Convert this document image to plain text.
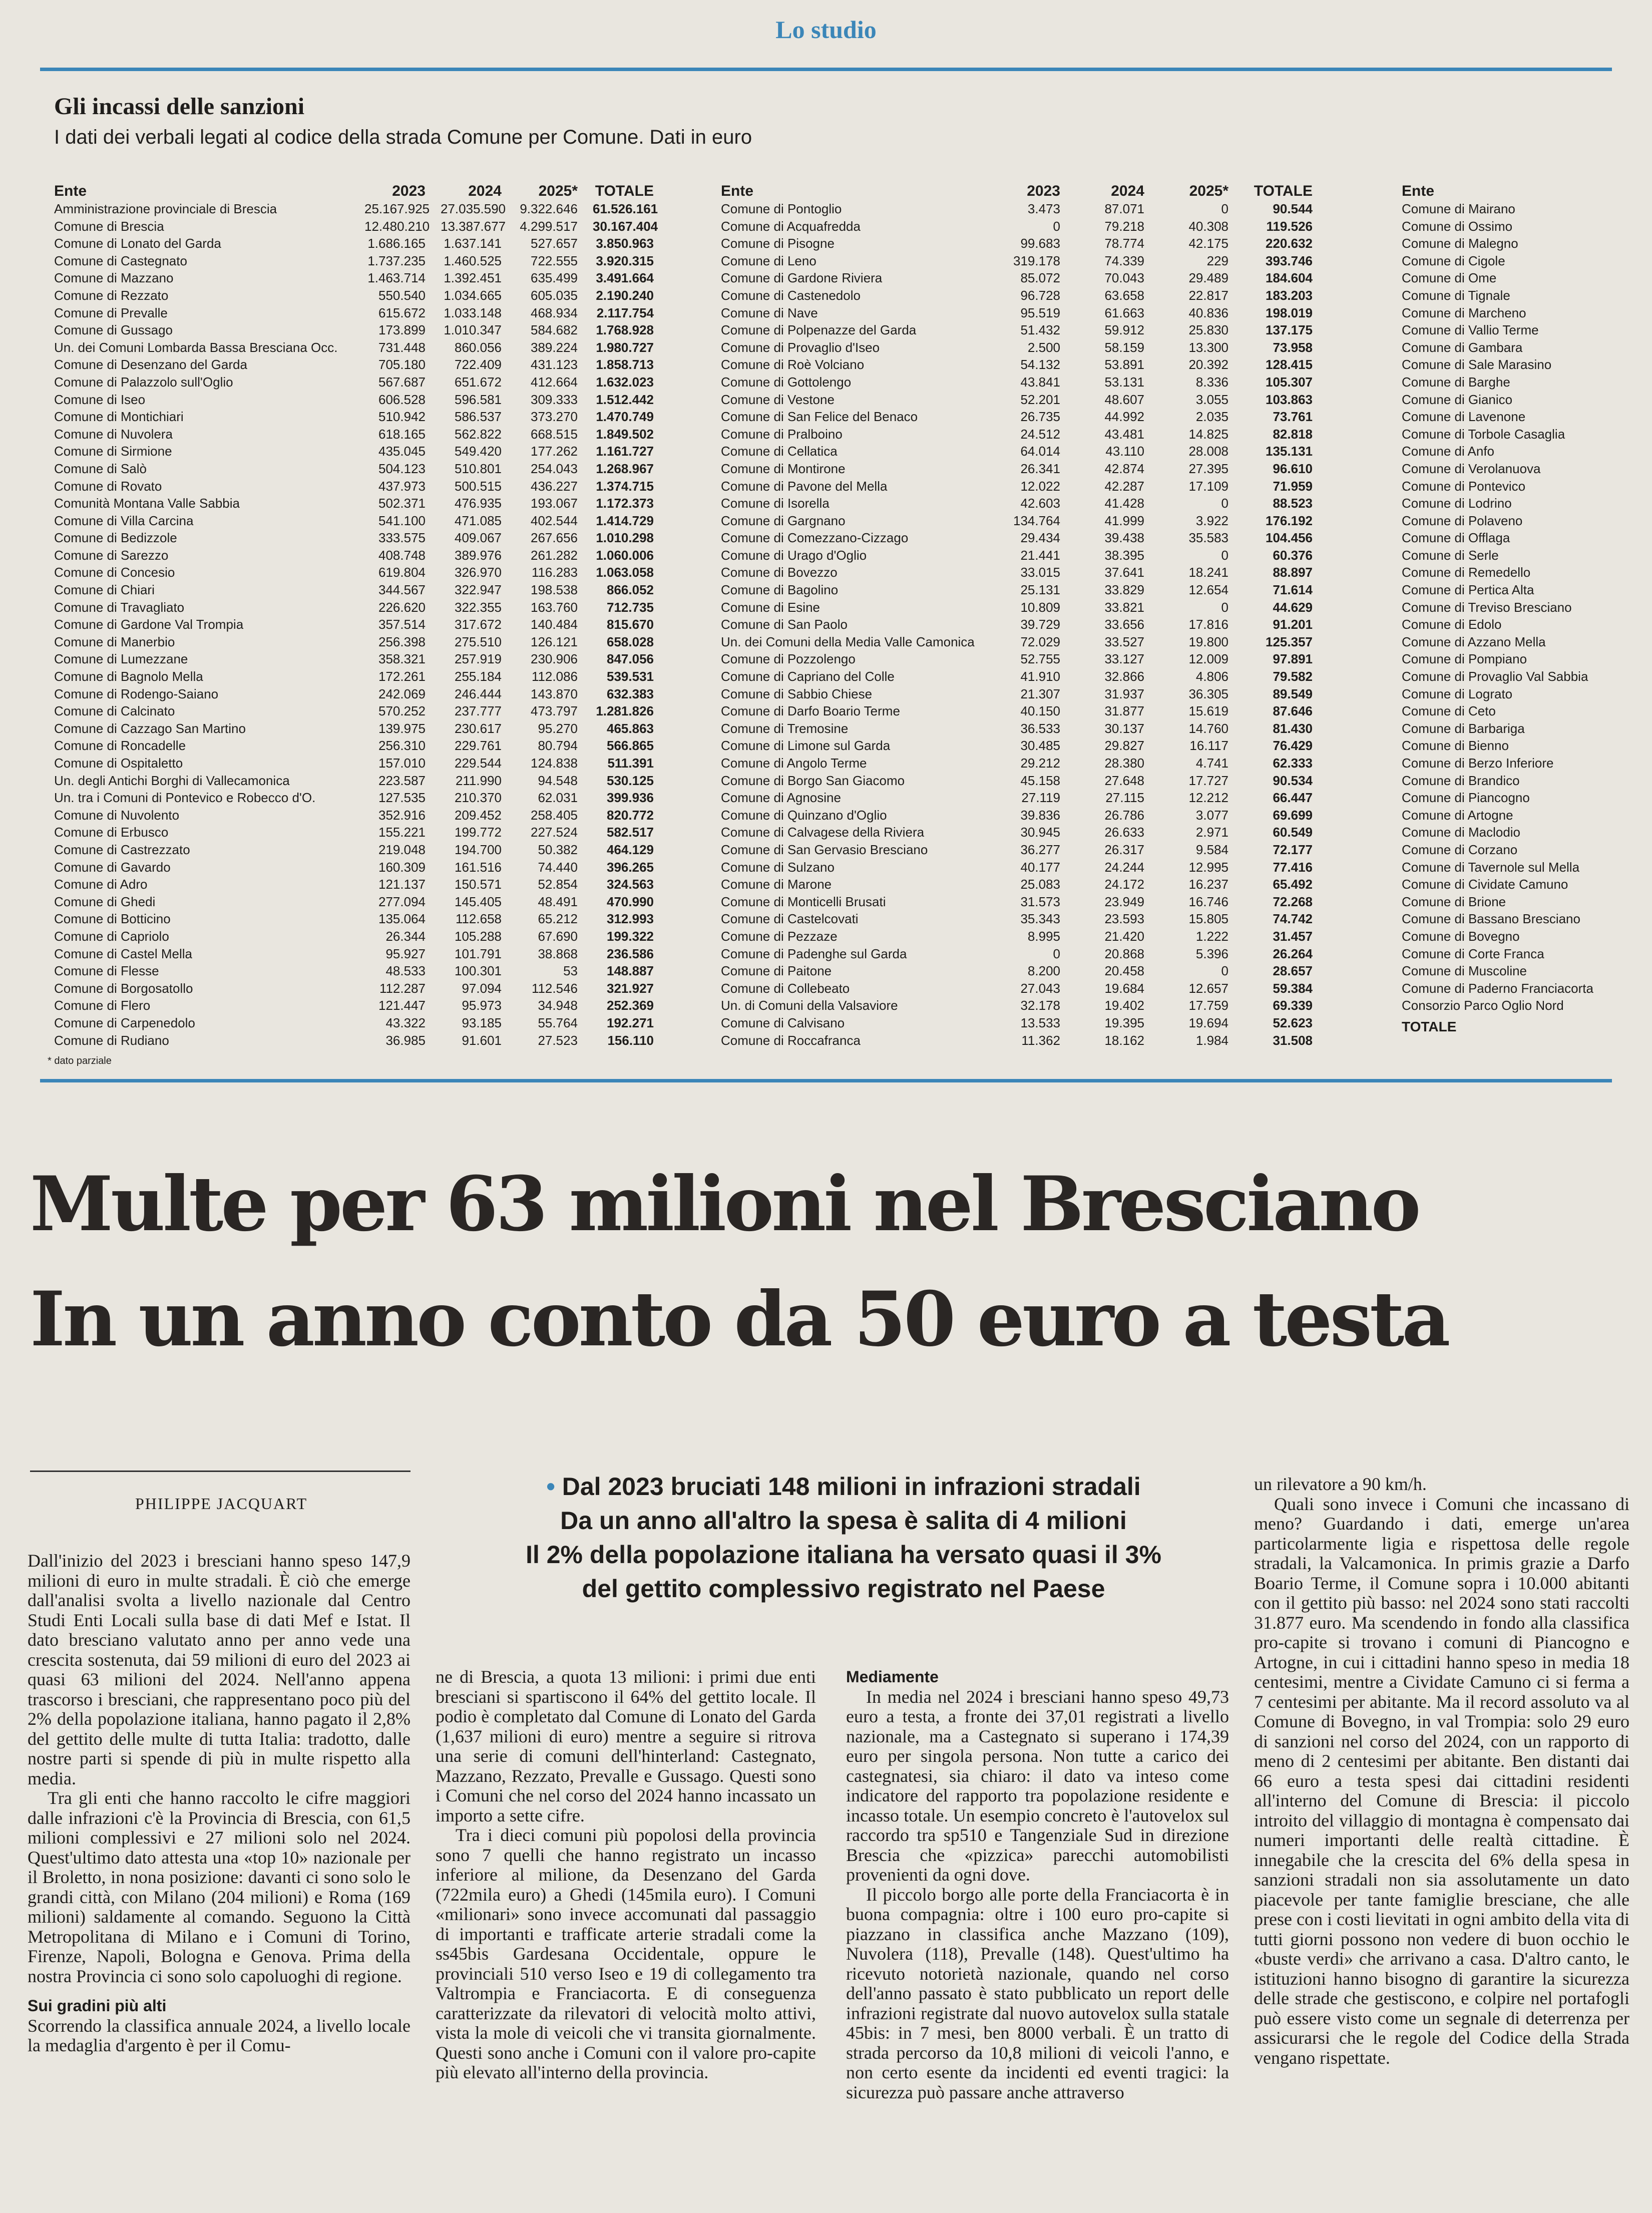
Lo studio
Gli incassi delle sanzioni
I dati dei verbali legati al codice della strada Comune per Comune. Dati in euro
Ente	2023	2024	2025* TOTALE
Amministrazione provinciale di Brescia	25.167.925 27.035.590 9.322.646 61.526.161
Comune di Brescia	12.480.210 13.387.677 4.299.517 30.167.404
Comune di Lonato del Garda	1.686.165 1.637.141	527.657 3.850.963
Comune di Castegnato	1.737.235 1.460.525	722.555 3.920.315
Comune di Mazzano	1.463.714 1.392.451	635.499 3.491.664
Comune di Rezzato	550.540 1.034.665	605.035 2.190.240
Comune di Prevalle	615.672 1.033.148	468.934 2.117.754
Comune di Gussago	173.899 1.010.347	584.682 1.768.928
Un. dei Comuni Lombarda Bassa Bresciana Occ.	731.448	860.056	389.224 1.980.727
Comune di Desenzano del Garda	705.180	722.409	431.123 1.858.713
Comune di Palazzolo sull'Oglio	567.687	651.672	412.664 1.632.023
Comune di Iseo	606.528	596.581	309.333 1.512.442
Comune di Montichiari	510.942	586.537	373.270 1.470.749
Comune di Nuvolera	618.165	562.822	668.515 1.849.502
Comune di Sirmione	435.045	549.420	177.262 1.161.727
Comune di Salò	504.123	510.801	254.043 1.268.967
Comune di Rovato	437.973	500.515	436.227 1.374.715
Comunità Montana Valle Sabbia	502.371	476.935	193.067 1.172.373
Comune di Villa Carcina	541.100	471.085	402.544 1.414.729
Comune di Bedizzole	333.575	409.067	267.656 1.010.298
Comune di Sarezzo	408.748	389.976	261.282 1.060.006
Comune di Concesio	619.804	326.970	116.283 1.063.058
Comune di Chiari	344.567	322.947	198.538	866.052
Comune di Travagliato	226.620	322.355	163.760	712.735
Comune di Gardone Val Trompia	357.514	317.672	140.484	815.670
Comune di Manerbio	256.398	275.510	126.121	658.028
Comune di Lumezzane	358.321	257.919	230.906	847.056
Comune di Bagnolo Mella	172.261	255.184	112.086	539.531
Comune di Rodengo-Saiano	242.069	246.444	143.870	632.383
Comune di Calcinato	570.252	237.777	473.797 1.281.826
Comune di Cazzago San Martino	139.975	230.617	95.270	465.863
Comune di Roncadelle	256.310	229.761	80.794	566.865
Comune di Ospitaletto	157.010	229.544	124.838	511.391
Un. degli Antichi Borghi di Vallecamonica	223.587	211.990	94.548	530.125
Un. tra i Comuni di Pontevico e Robecco d'O.	127.535	210.370	62.031	399.936
Comune di Nuvolento	352.916	209.452	258.405	820.772
Comune di Erbusco	155.221	199.772	227.524	582.517
Comune di Castrezzato	219.048	194.700	50.382	464.129
Comune di Gavardo	160.309	161.516	74.440	396.265
Comune di Adro	121.137	150.571	52.854	324.563
Comune di Ghedi	277.094	145.405	48.491	470.990
Comune di Botticino	135.064	112.658	65.212	312.993
Comune di Capriolo	26.344	105.288	67.690	199.322
Comune di Castel Mella	95.927	101.791	38.868	236.586
Comune di Flesse	48.533	100.301	53	148.887
Comune di Borgosatollo	112.287	97.094	112.546	321.927
Comune di Flero	121.447	95.973	34.948	252.369
Comune di Carpenedolo	43.322	93.185	55.764	192.271
Comune di Rudiano	36.985	91.601	27.523	156.110
Ente	2023	2024	2025*	TOTALE
Comune di Pontoglio	3.473	87.071	0	90.544
Comune di Acquafredda	0	79.218	40.308	119.526
Comune di Pisogne	99.683	78.774	42.175	220.632
Comune di Leno	319.178	74.339	229	393.746
Comune di Gardone Riviera	85.072	70.043	29.489	184.604
Comune di Castenedolo	96.728	63.658	22.817	183.203
Comune di Nave	95.519	61.663	40.836	198.019
Comune di Polpenazze del Garda	51.432	59.912	25.830	137.175
Comune di Provaglio d'Iseo	2.500	58.159	13.300	73.958
Comune di Roè Volciano	54.132	53.891	20.392	128.415
Comune di Gottolengo	43.841	53.131	8.336	105.307
Comune di Vestone	52.201	48.607	3.055	103.863
Comune di San Felice del Benaco	26.735	44.992	2.035	73.761
Comune di Pralboino	24.512	43.481	14.825	82.818
Comune di Cellatica	64.014	43.110	28.008	135.131
Comune di Montirone	26.341	42.874	27.395	96.610
Comune di Pavone del Mella	12.022	42.287	17.109	71.959
Comune di Isorella	42.603	41.428	0	88.523
Comune di Gargnano	134.764	41.999	3.922	176.192
Comune di Comezzano-Cizzago	29.434	39.438	35.583	104.456
Comune di Urago d'Oglio	21.441	38.395	0	60.376
Comune di Bovezzo	33.015	37.641	18.241	88.897
Comune di Bagolino	25.131	33.829	12.654	71.614
Comune di Esine	10.809	33.821	0	44.629
Comune di San Paolo	39.729	33.656	17.816	91.201
Un. dei Comuni della Media Valle Camonica	72.029	33.527	19.800	125.357
Comune di Pozzolengo	52.755	33.127	12.009	97.891
Comune di Capriano del Colle	41.910	32.866	4.806	79.582
Comune di Sabbio Chiese	21.307	31.937	36.305	89.549
Comune di Darfo Boario Terme	40.150	31.877	15.619	87.646
Comune di Tremosine	36.533	30.137	14.760	81.430
Comune di Limone sul Garda	30.485	29.827	16.117	76.429
Comune di Angolo Terme	29.212	28.380	4.741	62.333
Comune di Borgo San Giacomo	45.158	27.648	17.727	90.534
Comune di Agnosine	27.119	27.115	12.212	66.447
Comune di Quinzano d'Oglio	39.836	26.786	3.077	69.699
Comune di Calvagese della Riviera	30.945	26.633	2.971	60.549
Comune di San Gervasio Bresciano	36.277	26.317	9.584	72.177
Comune di Sulzano	40.177	24.244	12.995	77.416
Comune di Marone	25.083	24.172	16.237	65.492
Comune di Monticelli Brusati	31.573	23.949	16.746	72.268
Comune di Castelcovati	35.343	23.593	15.805	74.742
Comune di Pezzaze	8.995	21.420	1.222	31.457
Comune di Padenghe sul Garda	0	20.868	5.396	26.264
Comune di Paitone	8.200	20.458	0	28.657
Comune di Collebeato	27.043	19.684	12.657	59.384
Un. di Comuni della Valsaviore	32.178	19.402	17.759	69.339
Comune di Calvisano	13.533	19.395	19.694	52.623
Comune di Roccafranca	11.362	18.162	1.984	31.508
Ente
Comune di Mairano
Comune di Ossimo
Comune di Malegno
Comune di Cigole
Comune di Ome
Comune di Tignale
Comune di Marcheno
Comune di Vallio Terme
Comune di Gambara
Comune di Sale Marasino
Comune di Barghe
Comune di Gianico
Comune di Lavenone
Comune di Torbole Casaglia
Comune di Anfo
Comune di Verolanuova
Comune di Pontevico
Comune di Lodrino
Comune di Polaveno
Comune di Offlaga
Comune di Serle
Comune di Remedello
Comune di Pertica Alta
Comune di Treviso Bresciano
Comune di Edolo
Comune di Azzano Mella
Comune di Pompiano
Comune di Provaglio Val Sabbia
Comune di Lograto
Comune di Ceto
Comune di Barbariga
Comune di Bienno
Comune di Berzo Inferiore
Comune di Brandico
Comune di Piancogno
Comune di Artogne
Comune di Maclodio
Comune di Corzano
Comune di Tavernole sul Mella
Comune di Cividate Camuno
Comune di Brione
Comune di Bassano Bresciano
Comune di Bovegno
Comune di Corte Franca
Comune di Muscoline
Comune di Paderno Franciacorta
Consorzio Parco Oglio Nord
TOTALE
* dato parziale
Multe per 63 milioni nel Bresciano
In un anno conto da 50 euro a testa
PHILIPPE JACQUART
• Dal 2023 bruciati 148 milioni in infrazioni stradali
Da un anno all'altro la spesa è salita di 4 milioni
Il 2% della popolazione italiana ha versato quasi il 3%
del gettito complessivo registrato nel Paese

Dall'inizio del 2023 i bresciani hanno speso 147,9 milioni di euro in multe stradali. È ciò che emerge dall'analisi svolta a livello nazionale dal Centro Studi Enti Locali sulla base di dati Mef e Istat. Il dato bresciano valutato anno per anno vede una crescita sostenuta, dai 59 milioni di euro del 2023 ai quasi 63 milioni del 2024. Nell'anno appena trascorso i bresciani, che rappresentano poco più del 2% della popolazione italiana, hanno pagato il 2,8% del gettito delle multe di tutta Italia: tradotto, dalle nostre parti si spende di più in multe rispetto alla media.

Tra gli enti che hanno raccolto le cifre maggiori dalle infrazioni c'è la Provincia di Brescia, con 61,5 milioni complessivi e 27 milioni solo nel 2024. Quest'ultimo dato attesta una «top 10» nazionale per il Broletto, in nona posizione: davanti ci sono solo le grandi città, con Milano (204 milioni) e Roma (169 milioni) saldamente al comando. Seguono la Città Metropolitana di Milano e i Comuni di Torino, Firenze, Napoli, Bologna e Genova. Prima della nostra Provincia ci sono solo capoluoghi di regione.

Sui gradini più alti

Scorrendo la classifica annuale 2024, a livello locale la medaglia d'argento è per il Comu-

ne di Brescia, a quota 13 milioni: i primi due enti bresciani si spartiscono il 64% del gettito locale. Il podio è completato dal Comune di Lonato del Garda (1,637 milioni di euro) mentre a seguire si ritrova una serie di comuni dell'hinterland: Castegnato, Mazzano, Rezzato, Prevalle e Gussago. Questi sono i Comuni che nel corso del 2024 hanno incassato un importo a sette cifre.

Tra i dieci comuni più popolosi della provincia sono 7 quelli che hanno registrato un incasso inferiore al milione, da Desenzano del Garda (722mila euro) a Ghedi (145mila euro). I Comuni «milionari» sono invece accomunati dal passaggio di importanti e trafficate arterie stradali come la ss45bis Gardesana Occidentale, oppure le provinciali 510 verso Iseo e 19 di collegamento tra Valtrompia e Franciacorta. E di conseguenza caratterizzate da rilevatori di velocità molto attivi, vista la mole di veicoli che vi transita giornalmente. Questi sono anche i Comuni con il valore pro-capite più elevato all'interno della provincia.

Mediamente

In media nel 2024 i bresciani hanno speso 49,73 euro a testa, a fronte dei 37,01 registrati a livello nazionale, ma a Castegnato si superano i 174,39 euro per singola persona. Non tutte a carico dei castegnatesi, sia chiaro: il dato va inteso come indicatore del rapporto tra popolazione residente e incasso totale. Un esempio concreto è l'autovelox sul raccordo tra sp510 e Tangenziale Sud in direzione Brescia che «pizzica» parecchi automobilisti provenienti da ogni dove.

Il piccolo borgo alle porte della Franciacorta è in buona compagnia: oltre i 100 euro pro-capite si piazzano in classifica anche Mazzano (109), Nuvolera (118), Prevalle (148). Quest'ultimo ha ricevuto notorietà nazionale, quando nel corso dell'anno passato è stato pubblicato un report delle infrazioni registrate dal nuovo autovelox sulla statale 45bis: in 7 mesi, ben 8000 verbali. È un tratto di strada percorso da 10,8 milioni di veicoli l'anno, e non certo esente da incidenti ed eventi tragici: la sicurezza può passare anche attraverso

un rilevatore a 90 km/h.

Quali sono invece i Comuni che incassano di meno? Guardando i dati, emerge un'area particolarmente ligia e rispettosa delle regole stradali, la Valcamonica. In primis grazie a Darfo Boario Terme, il Comune sopra i 10.000 abitanti con il gettito più basso: nel 2024 sono stati raccolti 31.877 euro. Ma scendendo in fondo alla classifica pro-capite si trovano i comuni di Piancogno e Artogne, in cui i cittadini hanno speso in media 18 centesimi, mentre a Cividate Camuno ci si ferma a 7 centesimi per abitante. Ma il record assoluto va al Comune di Bovegno, in val Trompia: solo 29 euro di sanzioni nel corso del 2024, con un rapporto di meno di 2 centesimi per abitante. Ben distanti dai 66 euro a testa spesi dai cittadini residenti all'interno del Comune di Brescia: il piccolo introito del villaggio di montagna è compensato dai numeri importanti delle realtà cittadine. È innegabile che la crescita del 6% della spesa in sanzioni stradali non sia assolutamente un dato piacevole per tante famiglie bresciane, che alle prese con i costi lievitati in ogni ambito della vita di tutti giorni possono non vedere di buon occhio le «buste verdi» che arrivano a casa. D'altro canto, le istituzioni hanno bisogno di garantire la sicurezza delle strade che gestiscono, e colpire nel portafogli può essere visto come un segnale di deterrenza per assicurarsi che le regole del Codice della Strada vengano rispettate.
